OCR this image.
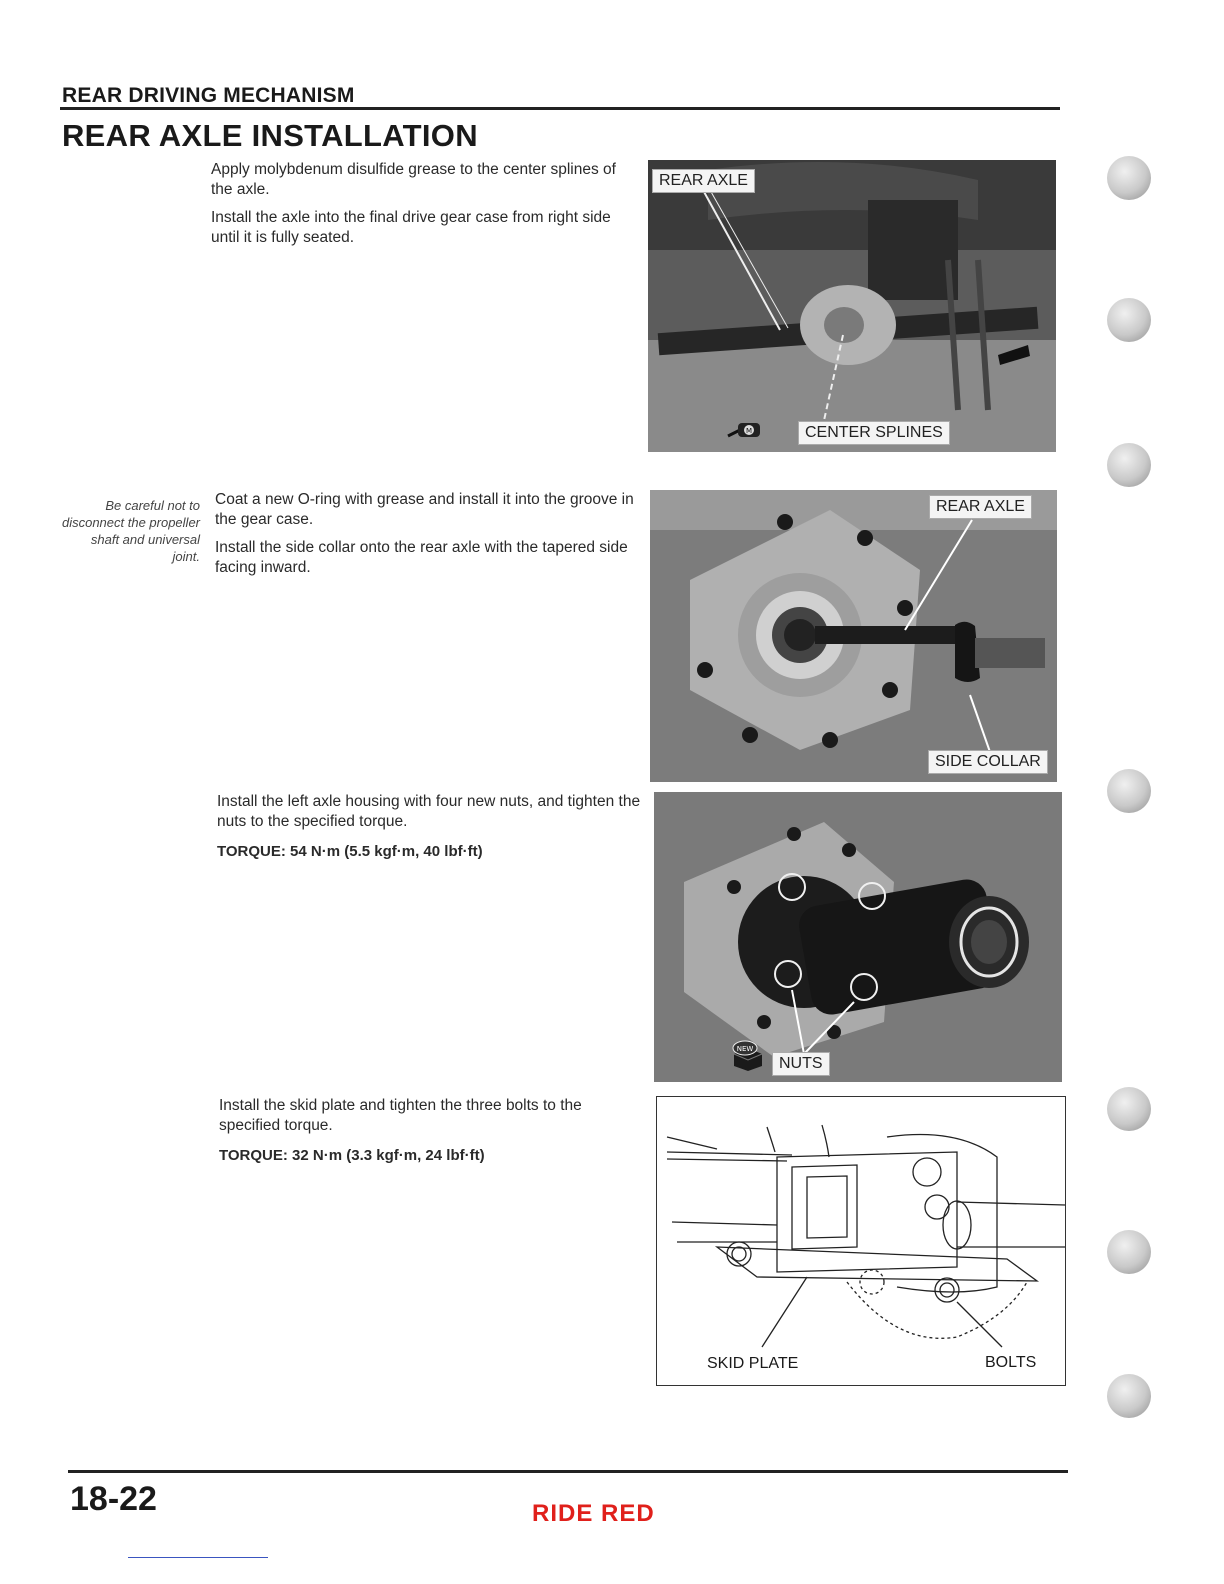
REAR DRIVING MECHANISM
REAR AXLE INSTALLATION

Apply molybdenum disulfide grease to the center splines of the axle.

Install the axle into the final drive gear case from right side until it is fully seated.

REAR AXLE
M	CENTER SPLINES
Be careful not to disconnect the propeller shaft and universal joint.

Coat a new O-ring with grease and install it into the groove in the gear case.

Install the side collar onto the rear axle with the tapered side facing inward.

REAR AXLE
SIDE COLLAR

Install the left axle housing with four new nuts, and tighten the nuts to the specified torque.

TORQUE: 54 N·m (5.5 kgf·m, 40 lbf·ft)

NEW
NUTS

Install the skid plate and tighten the three bolts to the specified torque.

TORQUE: 32 N·m (3.3 kgf·m, 24 lbf·ft)

SKID PLATE	BOLTS
18-22	RIDE RED
